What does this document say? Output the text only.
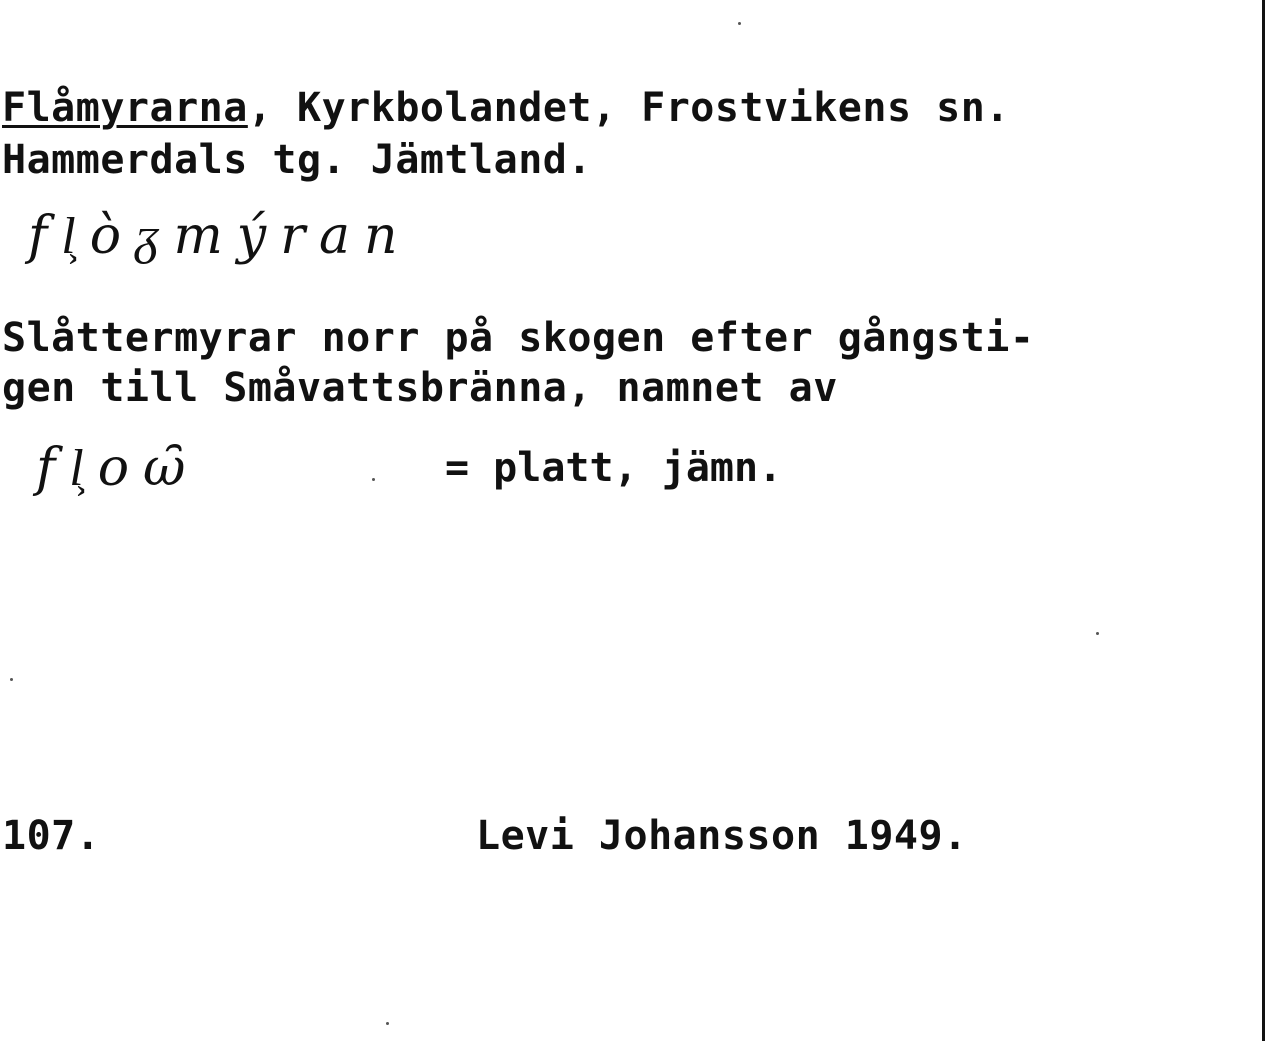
Flåmyrarna, Kyrkbolandet, Frostvikens sn.

Hammerdals tg. Jämtland.

fl͕òᵹmýran

Slåttermyrar norr på skogen efter gångsti-

gen till Småvattsbränna, namnet av

fl͕oω̑	= platt, jämn.

107.	Levi Johansson 1949.
